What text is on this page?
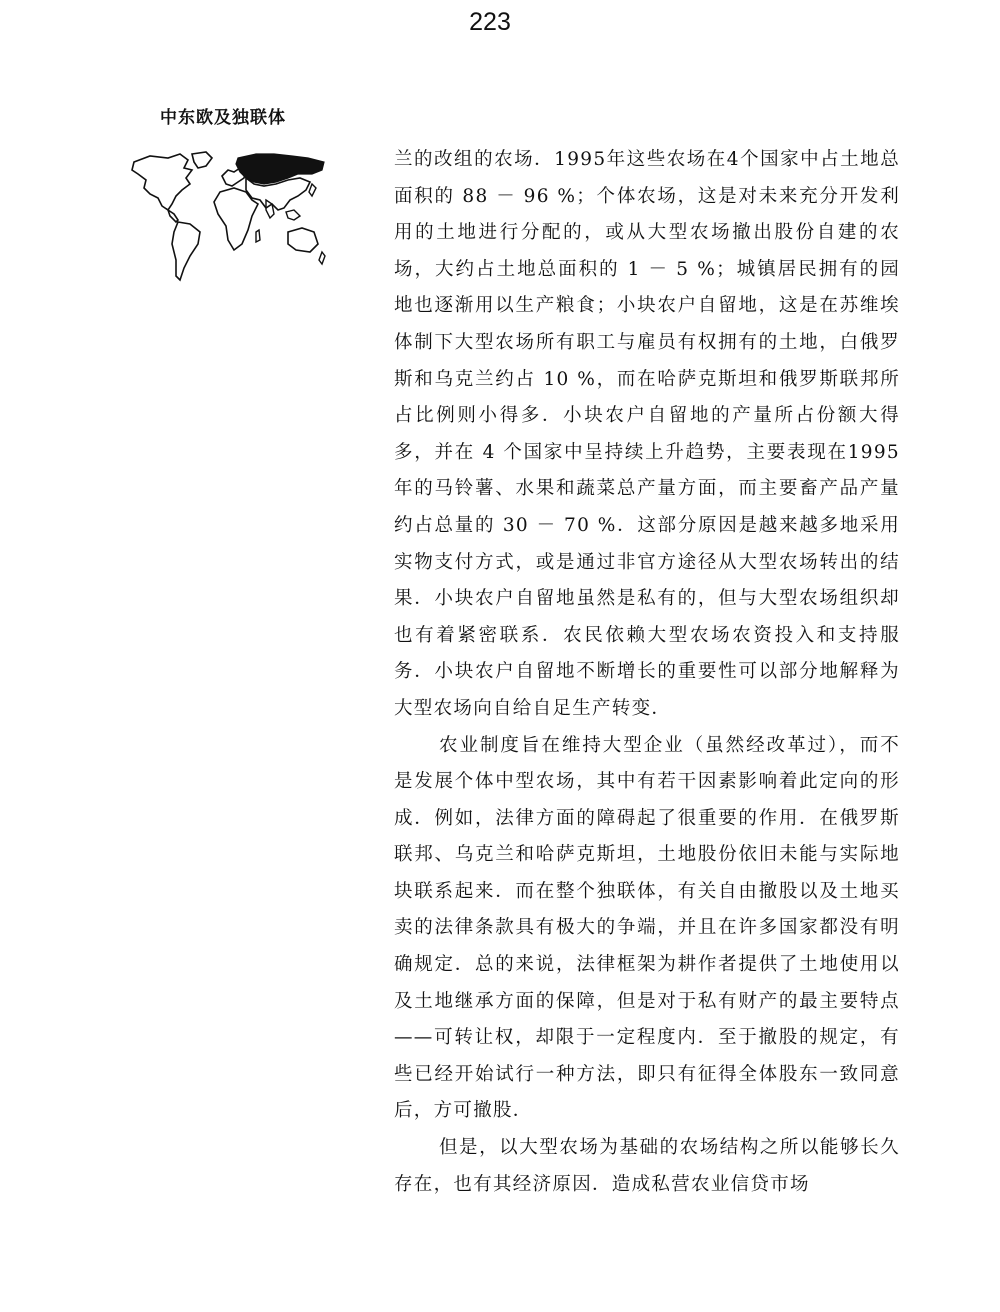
223
中东欧及独联体

兰的改组的农场．1995年这些农场在4个国家中占土地总面积的 88 － 96 %；个体农场，这是对未来充分开发利用的土地进行分配的，或从大型农场撤出股份自建的农场，大约占土地总面积的 1 － 5 %；城镇居民拥有的园地也逐渐用以生产粮食；小块农户自留地，这是在苏维埃体制下大型农场所有职工与雇员有权拥有的土地，白俄罗斯和乌克兰约占 10 %，而在哈萨克斯坦和俄罗斯联邦所占比例则小得多．小块农户自留地的产量所占份额大得多，并在 4 个国家中呈持续上升趋势，主要表现在1995年的马铃薯、水果和蔬菜总产量方面，而主要畜产品产量约占总量的 30 － 70 %．这部分原因是越来越多地采用实物支付方式，或是通过非官方途径从大型农场转出的结果．小块农户自留地虽然是私有的，但与大型农场组织却也有着紧密联系．农民依赖大型农场农资投入和支持服务．小块农户自留地不断增长的重要性可以部分地解释为大型农场向自给自足生产转变．

农业制度旨在维持大型企业（虽然经改革过），而不是发展个体中型农场，其中有若干因素影响着此定向的形成．例如，法律方面的障碍起了很重要的作用．在俄罗斯联邦、乌克兰和哈萨克斯坦，土地股份依旧未能与实际地块联系起来．而在整个独联体，有关自由撤股以及土地买卖的法律条款具有极大的争端，并且在许多国家都没有明确规定．总的来说，法律框架为耕作者提供了土地使用以及土地继承方面的保障，但是对于私有财产的最主要特点——可转让权，却限于一定程度内．至于撤股的规定，有些已经开始试行一种方法，即只有征得全体股东一致同意后，方可撤股．

但是，以大型农场为基础的农场结构之所以能够长久存在，也有其经济原因．造成私营农业信贷市场
